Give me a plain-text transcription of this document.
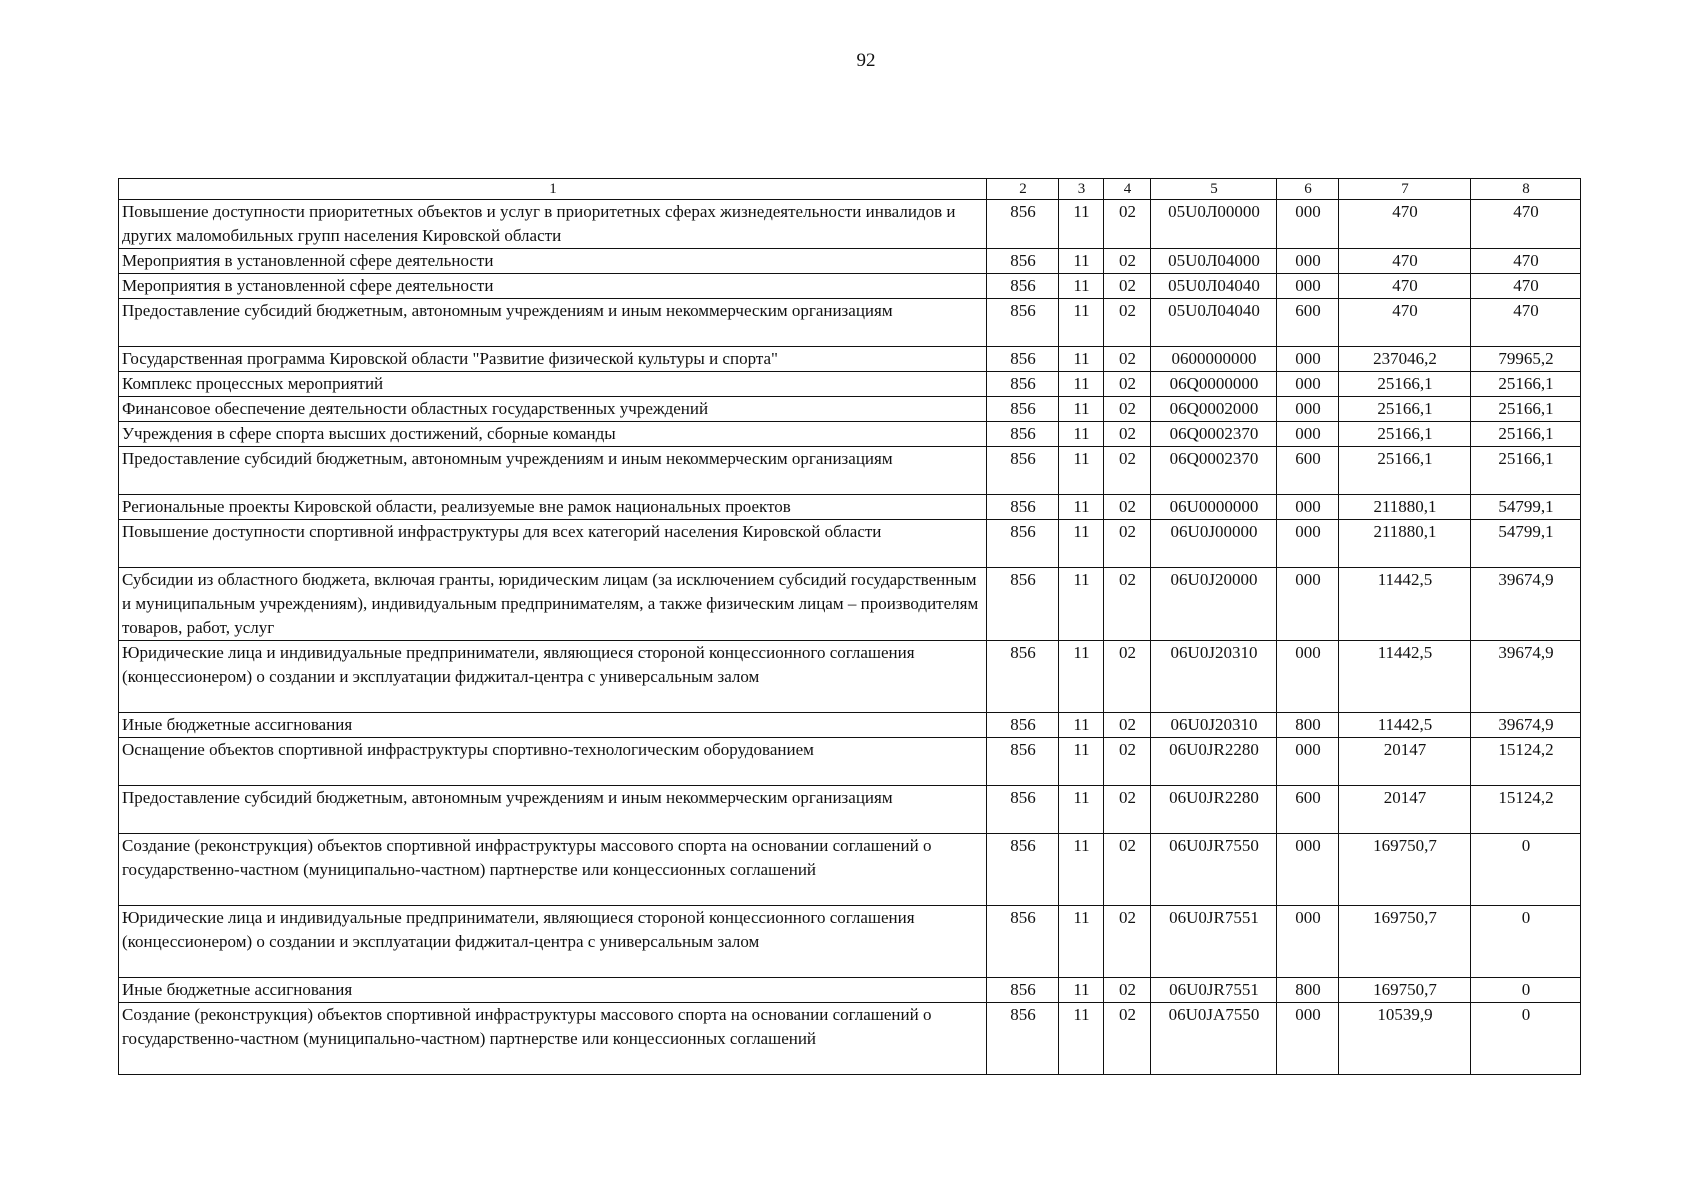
92
1	2	3	4	5	6	7	8
Повышение доступности приоритетных объектов и услуг в приоритетных сферах жизнедеятельности инвалидов и других маломобильных групп населения Кировской области	856	11	02	05U0Л00000	000	470	470
Мероприятия в установленной сфере деятельности	856	11	02	05U0Л04000	000	470	470
Мероприятия в установленной сфере деятельности	856	11	02	05U0Л04040	000	470	470
Предоставление субсидий бюджетным, автономным учреждениям и иным некоммерческим организациям	856	11	02	05U0Л04040	600	470	470
Государственная программа Кировской области "Развитие физической культуры и спорта"	856	11	02	0600000000	000	237046,2	79965,2
Комплекс процессных мероприятий	856	11	02	06Q0000000	000	25166,1	25166,1
Финансовое обеспечение деятельности областных государственных учреждений	856	11	02	06Q0002000	000	25166,1	25166,1
Учреждения в сфере спорта высших достижений, сборные команды	856	11	02	06Q0002370	000	25166,1	25166,1
Предоставление субсидий бюджетным, автономным учреждениям и иным некоммерческим организациям	856	11	02	06Q0002370	600	25166,1	25166,1
Региональные проекты Кировской области, реализуемые вне рамок национальных проектов	856	11	02	06U0000000	000	211880,1	54799,1
Повышение доступности спортивной инфраструктуры для всех категорий населения Кировской области	856	11	02	06U0J00000	000	211880,1	54799,1
Субсидии из областного бюджета, включая гранты, юридическим лицам (за исключением субсидий государственным и муниципальным учреждениям), индивидуальным предпринимателям, а также физическим лицам – производителям товаров, работ, услуг	856	11	02	06U0J20000	000	11442,5	39674,9
Юридические лица и индивидуальные предприниматели, являющиеся стороной концессионного соглашения (концессионером) о создании и эксплуатации фиджитал-центра с универсальным залом	856	11	02	06U0J20310	000	11442,5	39674,9
Иные бюджетные ассигнования	856	11	02	06U0J20310	800	11442,5	39674,9
Оснащение объектов спортивной инфраструктуры спортивно-технологическим оборудованием	856	11	02	06U0JR2280	000	20147	15124,2
Предоставление субсидий бюджетным, автономным учреждениям и иным некоммерческим организациям	856	11	02	06U0JR2280	600	20147	15124,2
Создание (реконструкция) объектов спортивной инфраструктуры массового спорта на основании соглашений о государственно-частном (муниципально-частном) партнерстве или концессионных соглашений	856	11	02	06U0JR7550	000	169750,7	0
Юридические лица и индивидуальные предприниматели, являющиеся стороной концессионного соглашения (концессионером) о создании и эксплуатации фиджитал-центра с универсальным залом	856	11	02	06U0JR7551	000	169750,7	0
Иные бюджетные ассигнования	856	11	02	06U0JR7551	800	169750,7	0
Создание (реконструкция) объектов спортивной инфраструктуры массового спорта на основании соглашений о государственно-частном (муниципально-частном) партнерстве или концессионных соглашений	856	11	02	06U0JA7550	000	10539,9	0
